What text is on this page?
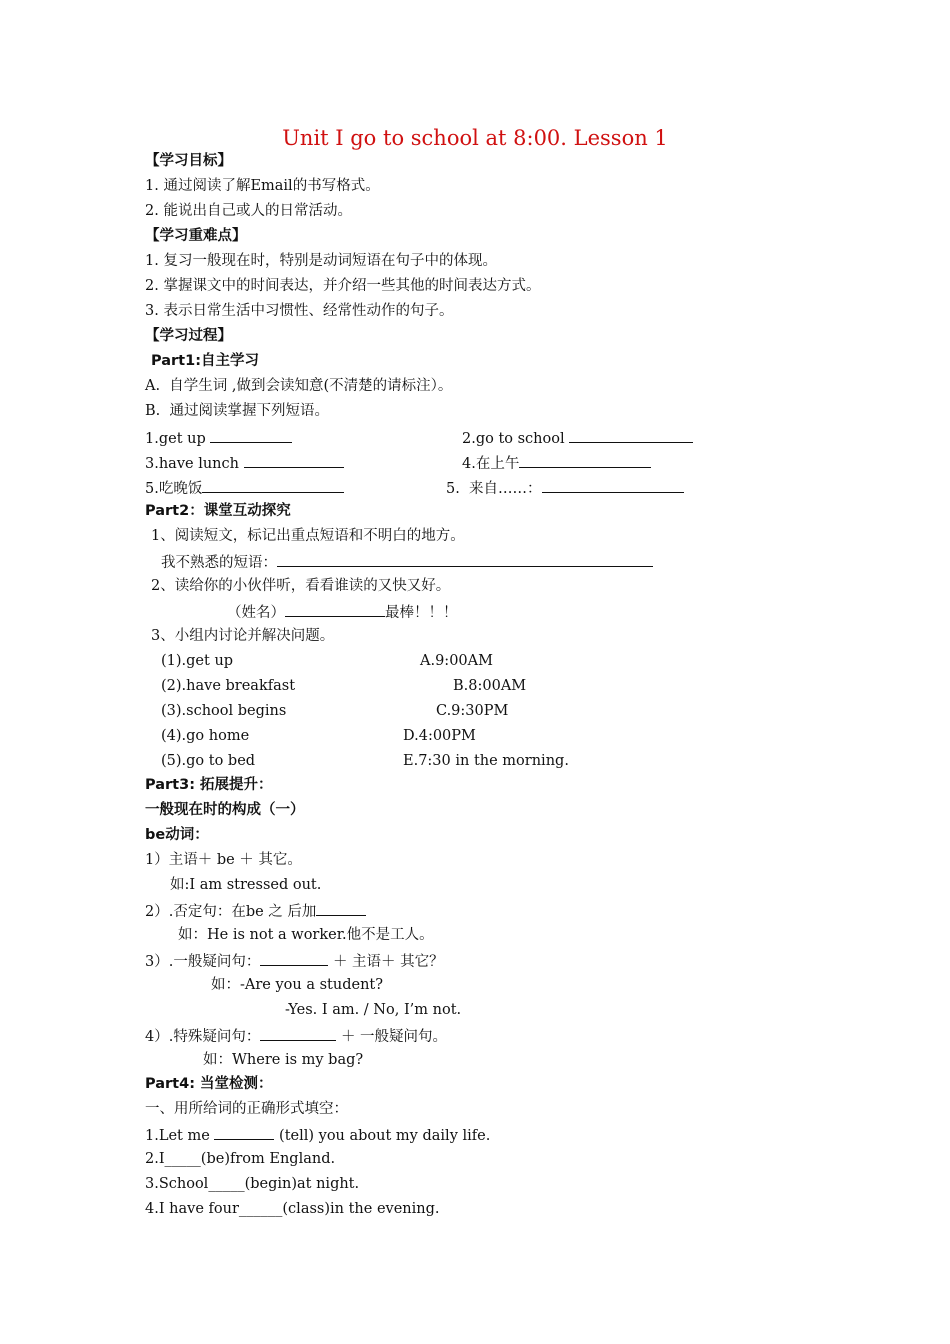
Unit I go to school at 8:00. Lesson 1
【学习目标】
1. 通过阅读了解Email的书写格式。
2. 能说出自己或人的日常活动。
【学习重难点】
1. 复习一般现在时，特别是动词短语在句子中的体现。
2. 掌握课文中的时间表达，并介绍一些其他的时间表达方式。
3. 表示日常生活中习惯性、经常性动作的句子。
【学习过程】
Part1:自主学习
A.  自学生词 ,做到会读知意(不清楚的请标注）。
B.  通过阅读掌握下列短语。
1.get up	2.go to school
3.have lunch	4.在上午
5.吃晚饭	5.  来自……：
Part2：课堂互动探究
1、阅读短文，标记出重点短语和不明白的地方。
我不熟悉的短语：
2、读给你的小伙伴听，看看谁读的又快又好。
（姓名）	最棒！！！
3、小组内讨论并解决问题。
(1).get up	A.9:00AM
(2).have breakfast	B.8:00AM
(3).school begins	C.9:30PM
(4).go home	D.4:00PM
(5).go to bed	E.7:30 in the morning.
Part3: 拓展提升：
一般现在时的构成（一）
be动词：
1）主语＋ be ＋ 其它。
如:I am stressed out.
2）.否定句：在be 之 后加
如：He is not a worker.他不是工人。
3）.一般疑问句：	＋ 主语＋ 其它？
如：-Are you a student?
-Yes. I am. / No, I’m not.
4）.特殊疑问句：	＋ 一般疑问句。
如：Where is my bag?
Part4: 当堂检测：
一、用所给词的正确形式填空：
1.Let me	(tell) you about my daily life.
2.I_____(be)from England.
3.School_____(begin)at night.
4.I have four______(class)in the evening.
